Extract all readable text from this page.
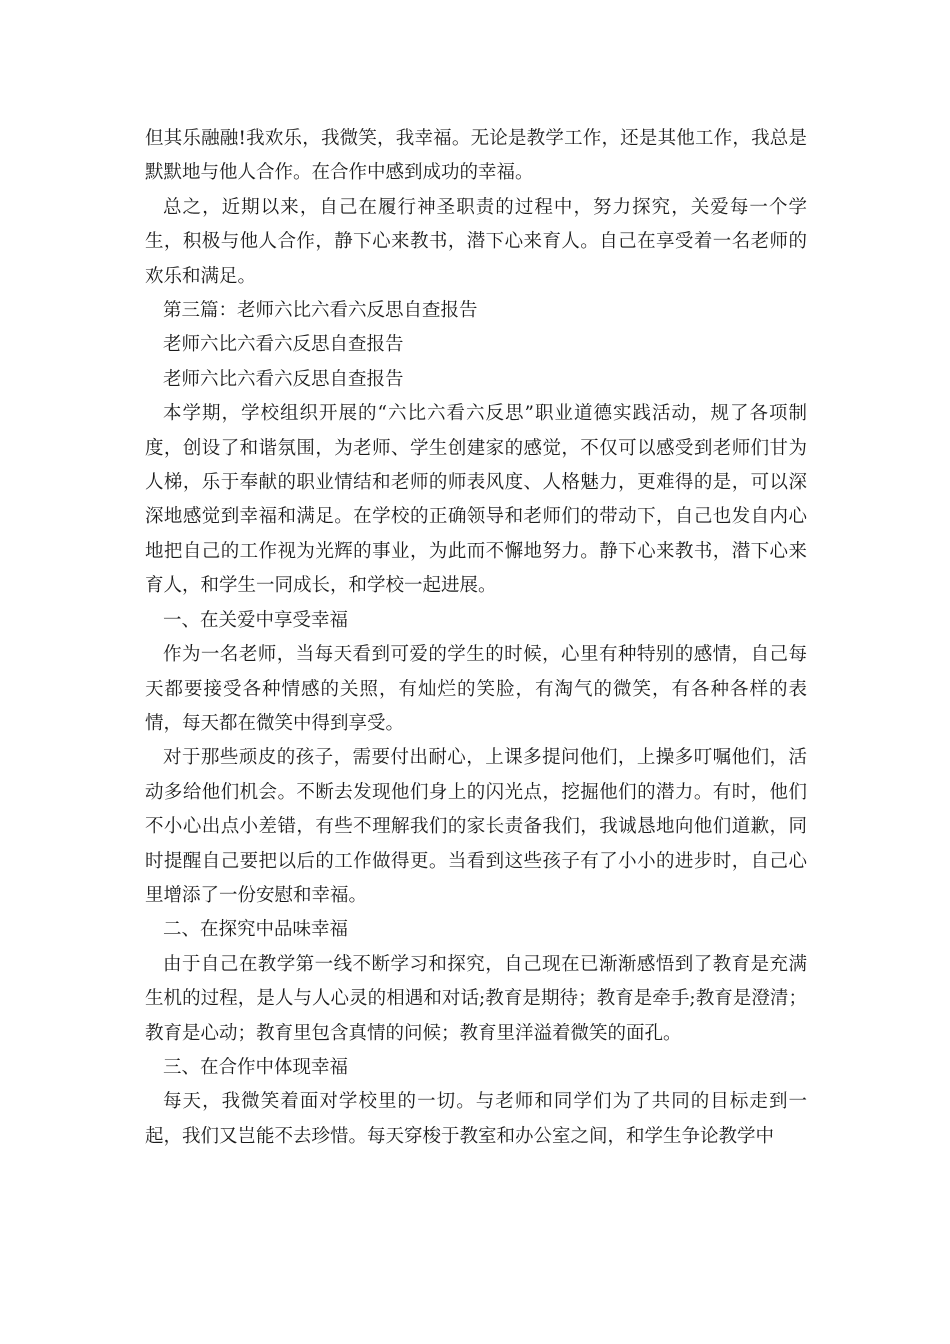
但其乐融融!我欢乐，我微笑，我幸福。无论是教学工作，还是其他工作，我总是默默地与他人合作。在合作中感到成功的幸福。

总之，近期以来，自己在履行神圣职责的过程中，努力探究，关爱每一个学生，积极与他人合作，静下心来教书，潜下心来育人。自己在享受着一名老师的欢乐和满足。

第三篇：老师六比六看六反思自查报告

老师六比六看六反思自查报告

老师六比六看六反思自查报告

本学期，学校组织开展的“六比六看六反思”职业道德实践活动，规了各项制度，创设了和谐氛围，为老师、学生创建家的感觉，不仅可以感受到老师们甘为人梯，乐于奉献的职业情结和老师的师表风度、人格魅力，更难得的是，可以深深地感觉到幸福和满足。在学校的正确领导和老师们的带动下，自己也发自内心地把自己的工作视为光辉的事业，为此而不懈地努力。静下心来教书，潜下心来育人，和学生一同成长，和学校一起进展。

一、在关爱中享受幸福

作为一名老师，当每天看到可爱的学生的时候，心里有种特别的感情，自己每天都要接受各种情感的关照，有灿烂的笑脸，有淘气的微笑，有各种各样的表情，每天都在微笑中得到享受。

对于那些顽皮的孩子，需要付出耐心，上课多提问他们，上操多叮嘱他们，活动多给他们机会。不断去发现他们身上的闪光点，挖掘他们的潜力。有时，他们不小心出点小差错，有些不理解我们的家长责备我们，我诚恳地向他们道歉，同时提醒自己要把以后的工作做得更。当看到这些孩子有了小小的进步时，自己心里增添了一份安慰和幸福。

二、在探究中品味幸福

由于自己在教学第一线不断学习和探究，自己现在已渐渐感悟到了教育是充满生机的过程，是人与人心灵的相遇和对话;教育是期待；教育是牵手;教育是澄清；教育是心动；教育里包含真情的问候；教育里洋溢着微笑的面孔。

三、在合作中体现幸福

每天，我微笑着面对学校里的一切。与老师和同学们为了共同的目标走到一起，我们又岂能不去珍惜。每天穿梭于教室和办公室之间，和学生争论教学中
